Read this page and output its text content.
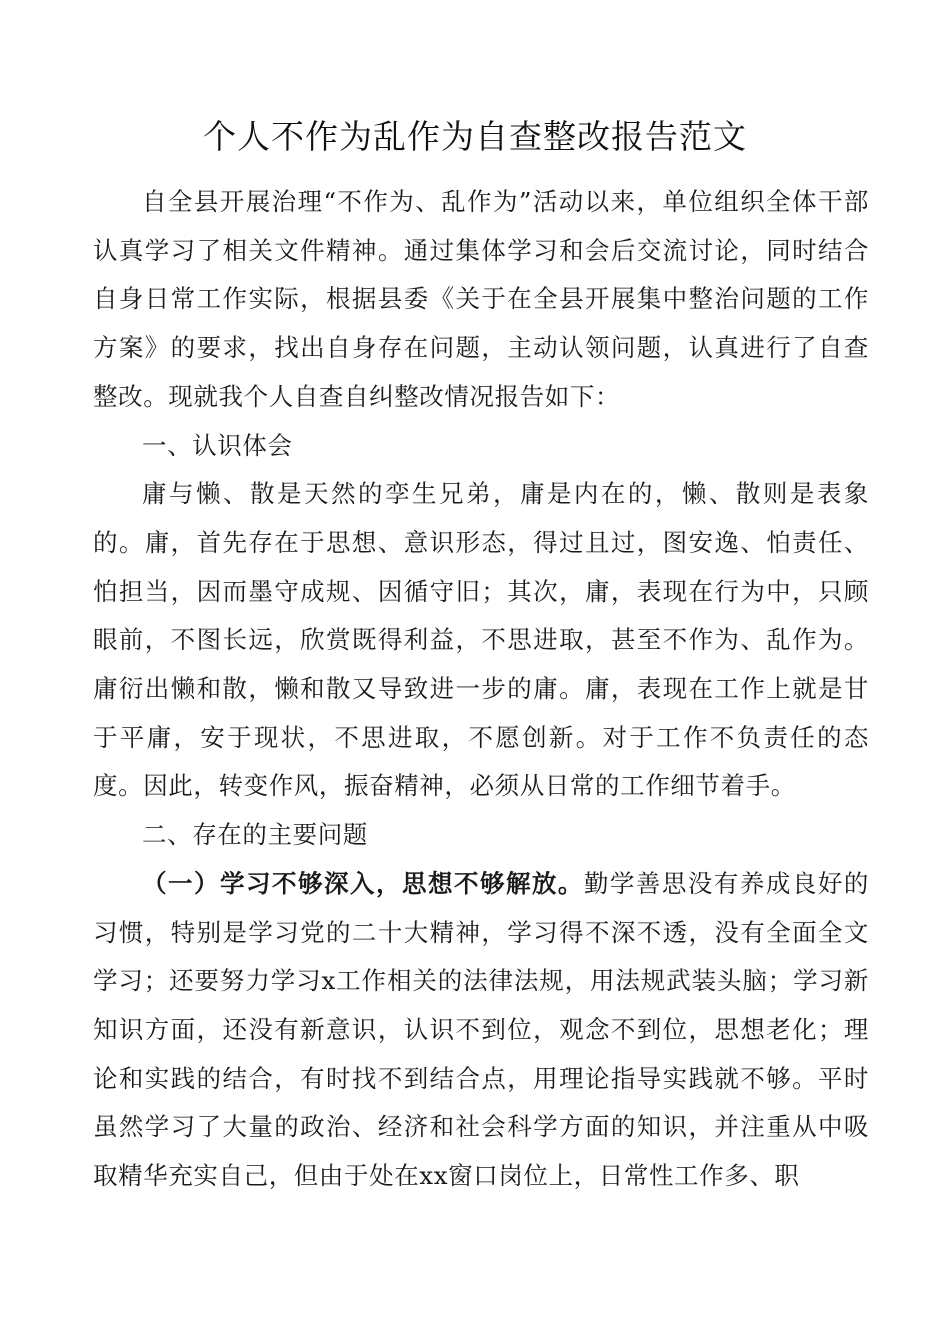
个人不作为乱作为自查整改报告范文

自全县开展治理“不作为、乱作为”活动以来，单位组织全体干部认真学习了相关文件精神。通过集体学习和会后交流讨论，同时结合自身日常工作实际，根据县委《关于在全县开展集中整治问题的工作方案》的要求，找出自身存在问题，主动认领问题，认真进行了自查整改。现就我个人自查自纠整改情况报告如下：

一、认识体会

庸与懒、散是天然的孪生兄弟，庸是内在的，懒、散则是表象的。庸，首先存在于思想、意识形态，得过且过，图安逸、怕责任、怕担当，因而墨守成规、因循守旧；其次，庸，表现在行为中，只顾眼前，不图长远，欣赏既得利益，不思进取，甚至不作为、乱作为。庸衍出懒和散，懒和散又导致进一步的庸。庸，表现在工作上就是甘于平庸，安于现状，不思进取，不愿创新。对于工作不负责任的态度。因此，转变作风，振奋精神，必须从日常的工作细节着手。

二、存在的主要问题

（一）学习不够深入，思想不够解放。勤学善思没有养成良好的习惯，特别是学习党的二十大精神，学习得不深不透，没有全面全文学习；还要努力学习x工作相关的法律法规，用法规武装头脑；学习新知识方面，还没有新意识，认识不到位，观念不到位，思想老化；理论和实践的结合，有时找不到结合点，用理论指导实践就不够。平时虽然学习了大量的政治、经济和社会科学方面的知识，并注重从中吸取精华充实自己，但由于处在xx窗口岗位上，日常性工作多、职
